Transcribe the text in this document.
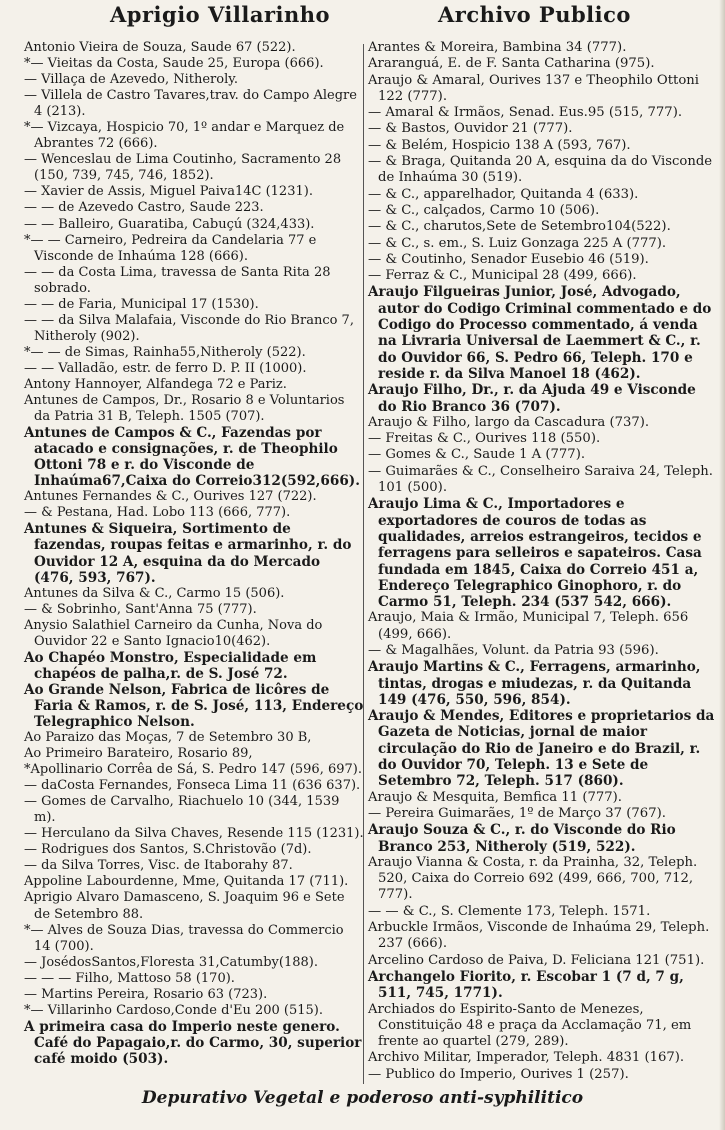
Aprigio Villarinho	Archivo Publico

Antonio Vieira de Souza, Saude 67 (522).

*— Vieitas da Costa, Saude 25, Europa (666).

— Villaça de Azevedo, Nitheroly.

— Villela de Castro Tavares,trav. do Campo Alegre 4 (213).

*— Vizcaya, Hospicio 70, 1º andar e Marquez de Abrantes 72 (666).

— Wenceslau de Lima Coutinho, Sacramento 28 (150, 739, 745, 746, 1852).

— Xavier de Assis, Miguel Paiva14C (1231).

— — de Azevedo Castro, Saude 223.

— — Balleiro, Guaratiba, Cabuçú (324,433).

*— — Carneiro, Pedreira da Candelaria 77 e Visconde de Inhaúma 128 (666).

— — da Costa Lima, travessa de Santa Rita 28 sobrado.

— — de Faria, Municipal 17 (1530).

— — da Silva Malafaia, Visconde do Rio Branco 7, Nitheroly (902).

*— — de Simas, Rainha55,Nitheroly (522).

— — Valladão, estr. de ferro D. P. II (1000).

Antony Hannoyer, Alfandega 72 e Pariz.

Antunes de Campos, Dr., Rosario 8 e Voluntarios da Patria 31 B, Teleph. 1505 (707).

Antunes de Campos & C., Fazendas por atacado e consignações, r. de Theophilo Ottoni 78 e r. do Visconde de Inhaúma67,Caixa do Correio312(592,666).

Antunes Fernandes & C., Ourives 127 (722).

— & Pestana, Had. Lobo 113 (666, 777).

Antunes & Siqueira, Sortimento de fazendas, roupas feitas e armarinho, r. do Ouvidor 12 A, esquina da do Mercado (476, 593, 767).

Antunes da Silva & C., Carmo 15 (506).

— & Sobrinho, Sant'Anna 75 (777).

Anysio Salathiel Carneiro da Cunha, Nova do Ouvidor 22 e Santo Ignacio10(462).

Ao Chapéo Monstro, Especialidade em chapéos de palha,r. de S. José 72.

Ao Grande Nelson, Fabrica de licôres de Faria & Ramos, r. de S. José, 113, Endereço Telegraphico Nelson.

Ao Paraizo das Moças, 7 de Setembro 30 B,

Ao Primeiro Barateiro, Rosario 89,

*Apollinario Corrêa de Sá, S. Pedro 147 (596, 697).

— daCosta Fernandes, Fonseca Lima 11 (636 637).

— Gomes de Carvalho, Riachuelo 10 (344, 1539 m).

— Herculano da Silva Chaves, Resende 115 (1231).

— Rodrigues dos Santos, S.Christovão (7d).

— da Silva Torres, Visc. de Itaborahy 87.

Appoline Labourdenne, Mme, Quitanda 17 (711).

Aprigio Alvaro Damasceno, S. Joaquim 96 e Sete de Setembro 88.

*— Alves de Souza Dias, travessa do Commercio 14 (700).

— JosédosSantos,Floresta 31,Catumby(188).

— — — Filho, Mattoso 58 (170).

— Martins Pereira, Rosario 63 (723).

*— Villarinho Cardoso,Conde d'Eu 200 (515).

A primeira casa do Imperio neste genero. Café do Papagaio,r. do Carmo, 30, superior café moido (503).

Arantes & Moreira, Bambina 34 (777).

Araranguá, E. de F. Santa Catharina (975).

Araujo & Amaral, Ourives 137 e Theophilo Ottoni 122 (777).

— Amaral & Irmãos, Senad. Eus.95 (515, 777).

— & Bastos, Ouvidor 21 (777).

— & Belém, Hospicio 138 A (593, 767).

— & Braga, Quitanda 20 A, esquina da do Visconde de Inhaúma 30 (519).

— & C., apparelhador, Quitanda 4 (633).

— & C., calçados, Carmo 10 (506).

— & C., charutos,Sete de Setembro104(522).

— & C., s. em., S. Luiz Gonzaga 225 A (777).

— & Coutinho, Senador Eusebio 46 (519).

— Ferraz & C., Municipal 28 (499, 666).

Araujo Filgueiras Junior, José, Advogado, autor do Codigo Criminal commentado e do Codigo do Processo commentado, á venda na Livraria Universal de Laemmert & C., r. do Ouvidor 66, S. Pedro 66, Teleph. 170 e reside r. da Silva Manoel 18 (462).

Araujo Filho, Dr., r. da Ajuda 49 e Visconde do Rio Branco 36 (707).

Araujo & Filho, largo da Cascadura (737).

— Freitas & C., Ourives 118 (550).

— Gomes & C., Saude 1 A (777).

— Guimarães & C., Conselheiro Saraiva 24, Teleph. 101 (500).

Araujo Lima & C., Importadores e exportadores de couros de todas as qualidades, arreios estrangeiros, tecidos e ferragens para selleiros e sapateiros. Casa fundada em 1845, Caixa do Correio 451 a, Endereço Telegraphico Ginophoro, r. do Carmo 51, Teleph. 234 (537 542, 666).

Araujo, Maia & Irmão, Municipal 7, Teleph. 656 (499, 666).

— & Magalhães, Volunt. da Patria 93 (596).

Araujo Martins & C., Ferragens, armarinho, tintas, drogas e miudezas, r. da Quitanda 149 (476, 550, 596, 854).

Araujo & Mendes, Editores e proprietarios da Gazeta de Noticias, jornal de maior circulação do Rio de Janeiro e do Brazil, r. do Ouvidor 70, Teleph. 13 e Sete de Setembro 72, Teleph. 517 (860).

Araujo & Mesquita, Bemfica 11 (777).

— Pereira Guimarães, 1º de Março 37 (767).

Araujo Souza & C., r. do Visconde do Rio Branco 253, Nitheroly (519, 522).

Araujo Vianna & Costa, r. da Prainha, 32, Teleph. 520, Caixa do Correio 692 (499, 666, 700, 712, 777).

— — & C., S. Clemente 173, Teleph. 1571.

Arbuckle Irmãos, Visconde de Inhaúma 29, Teleph. 237 (666).

Arcelino Cardoso de Paiva, D. Feliciana 121 (751).

Archangelo Fiorito, r. Escobar 1 (7 d, 7 g, 511, 745, 1771).

Archiados do Espirito-Santo de Menezes, Constituição 48 e praça da Acclamação 71, em frente ao quartel (279, 289).

Archivo Militar, Imperador, Teleph. 4831 (167).

— Publico do Imperio, Ourives 1 (257).

Depurativo Vegetal e poderoso anti-syphilitico
